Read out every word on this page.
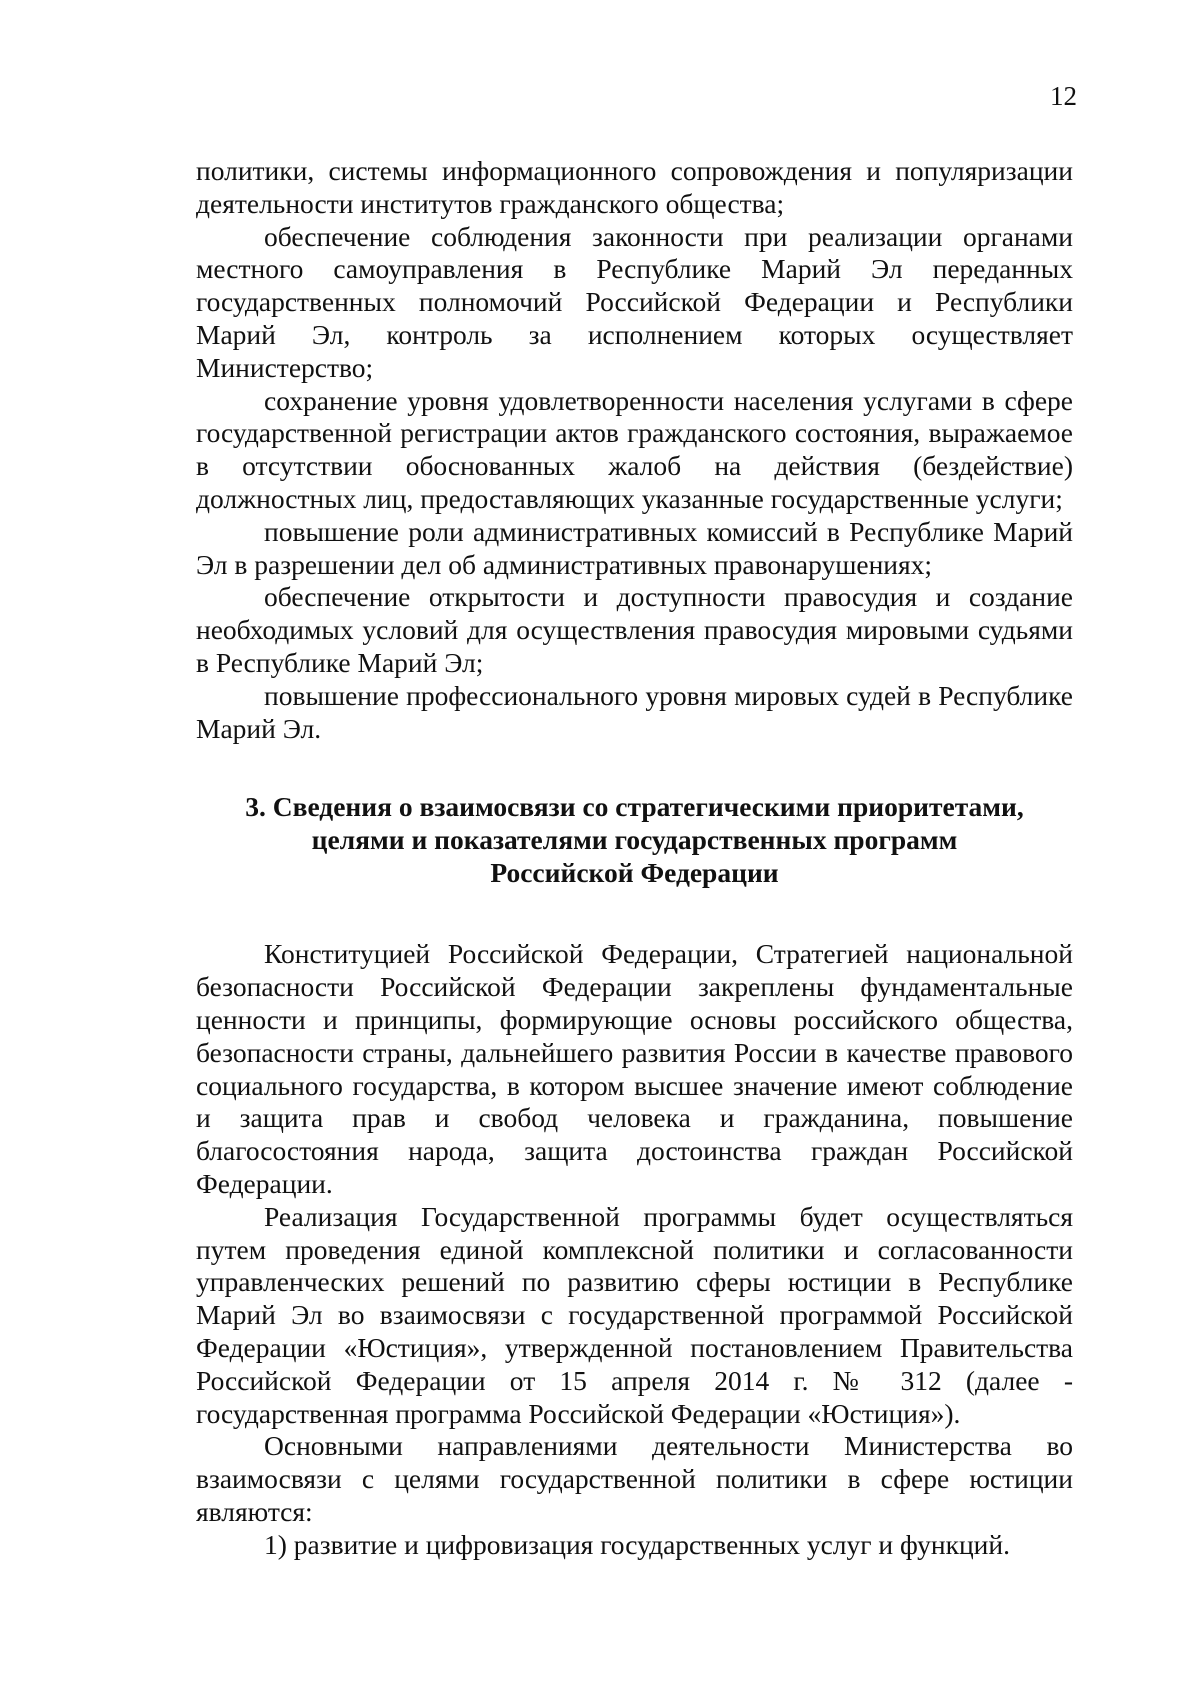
12

политики, системы информационного сопровождения и популяризации деятельности институтов гражданского общества;

обеспечение соблюдения законности при реализации органами местного самоуправления в Республике Марий Эл переданных государственных полномочий Российской Федерации и Республики Марий Эл, контроль за исполнением которых осуществляет Министерство;

сохранение уровня удовлетворенности населения услугами в сфере государственной регистрации актов гражданского состояния, выражаемое в отсутствии обоснованных жалоб на действия (бездействие) должностных лиц, предоставляющих указанные государственные услуги;

повышение роли административных комиссий в Республике Марий Эл в разрешении дел об административных правонарушениях;

обеспечение открытости и доступности правосудия и создание необходимых условий для осуществления правосудия мировыми судьями в Республике Марий Эл;

повышение профессионального уровня мировых судей в Республике Марий Эл.

3. Сведения о взаимосвязи со стратегическими приоритетами,
целями и показателями государственных программ
Российской Федерации

Конституцией Российской Федерации, Стратегией национальной безопасности Российской Федерации закреплены фундаментальные ценности и принципы, формирующие основы российского общества, безопасности страны, дальнейшего развития России в качестве правового социального государства, в котором высшее значение имеют соблюдение и защита прав и свобод человека и гражданина, повышение благосостояния народа, защита достоинства граждан Российской Федерации.

Реализация Государственной программы будет осуществляться путем проведения единой комплексной политики и согласованности управленческих решений по развитию сферы юстиции в Республике Марий Эл во взаимосвязи с государственной программой Российской Федерации «Юстиция», утвержденной постановлением Правительства Российской Федерации от 15 апреля 2014 г. № 312 (далее - государственная программа Российской Федерации «Юстиция»).

Основными направлениями деятельности Министерства во взаимосвязи с целями государственной политики в сфере юстиции являются:

1) развитие и цифровизация государственных услуг и функций.
